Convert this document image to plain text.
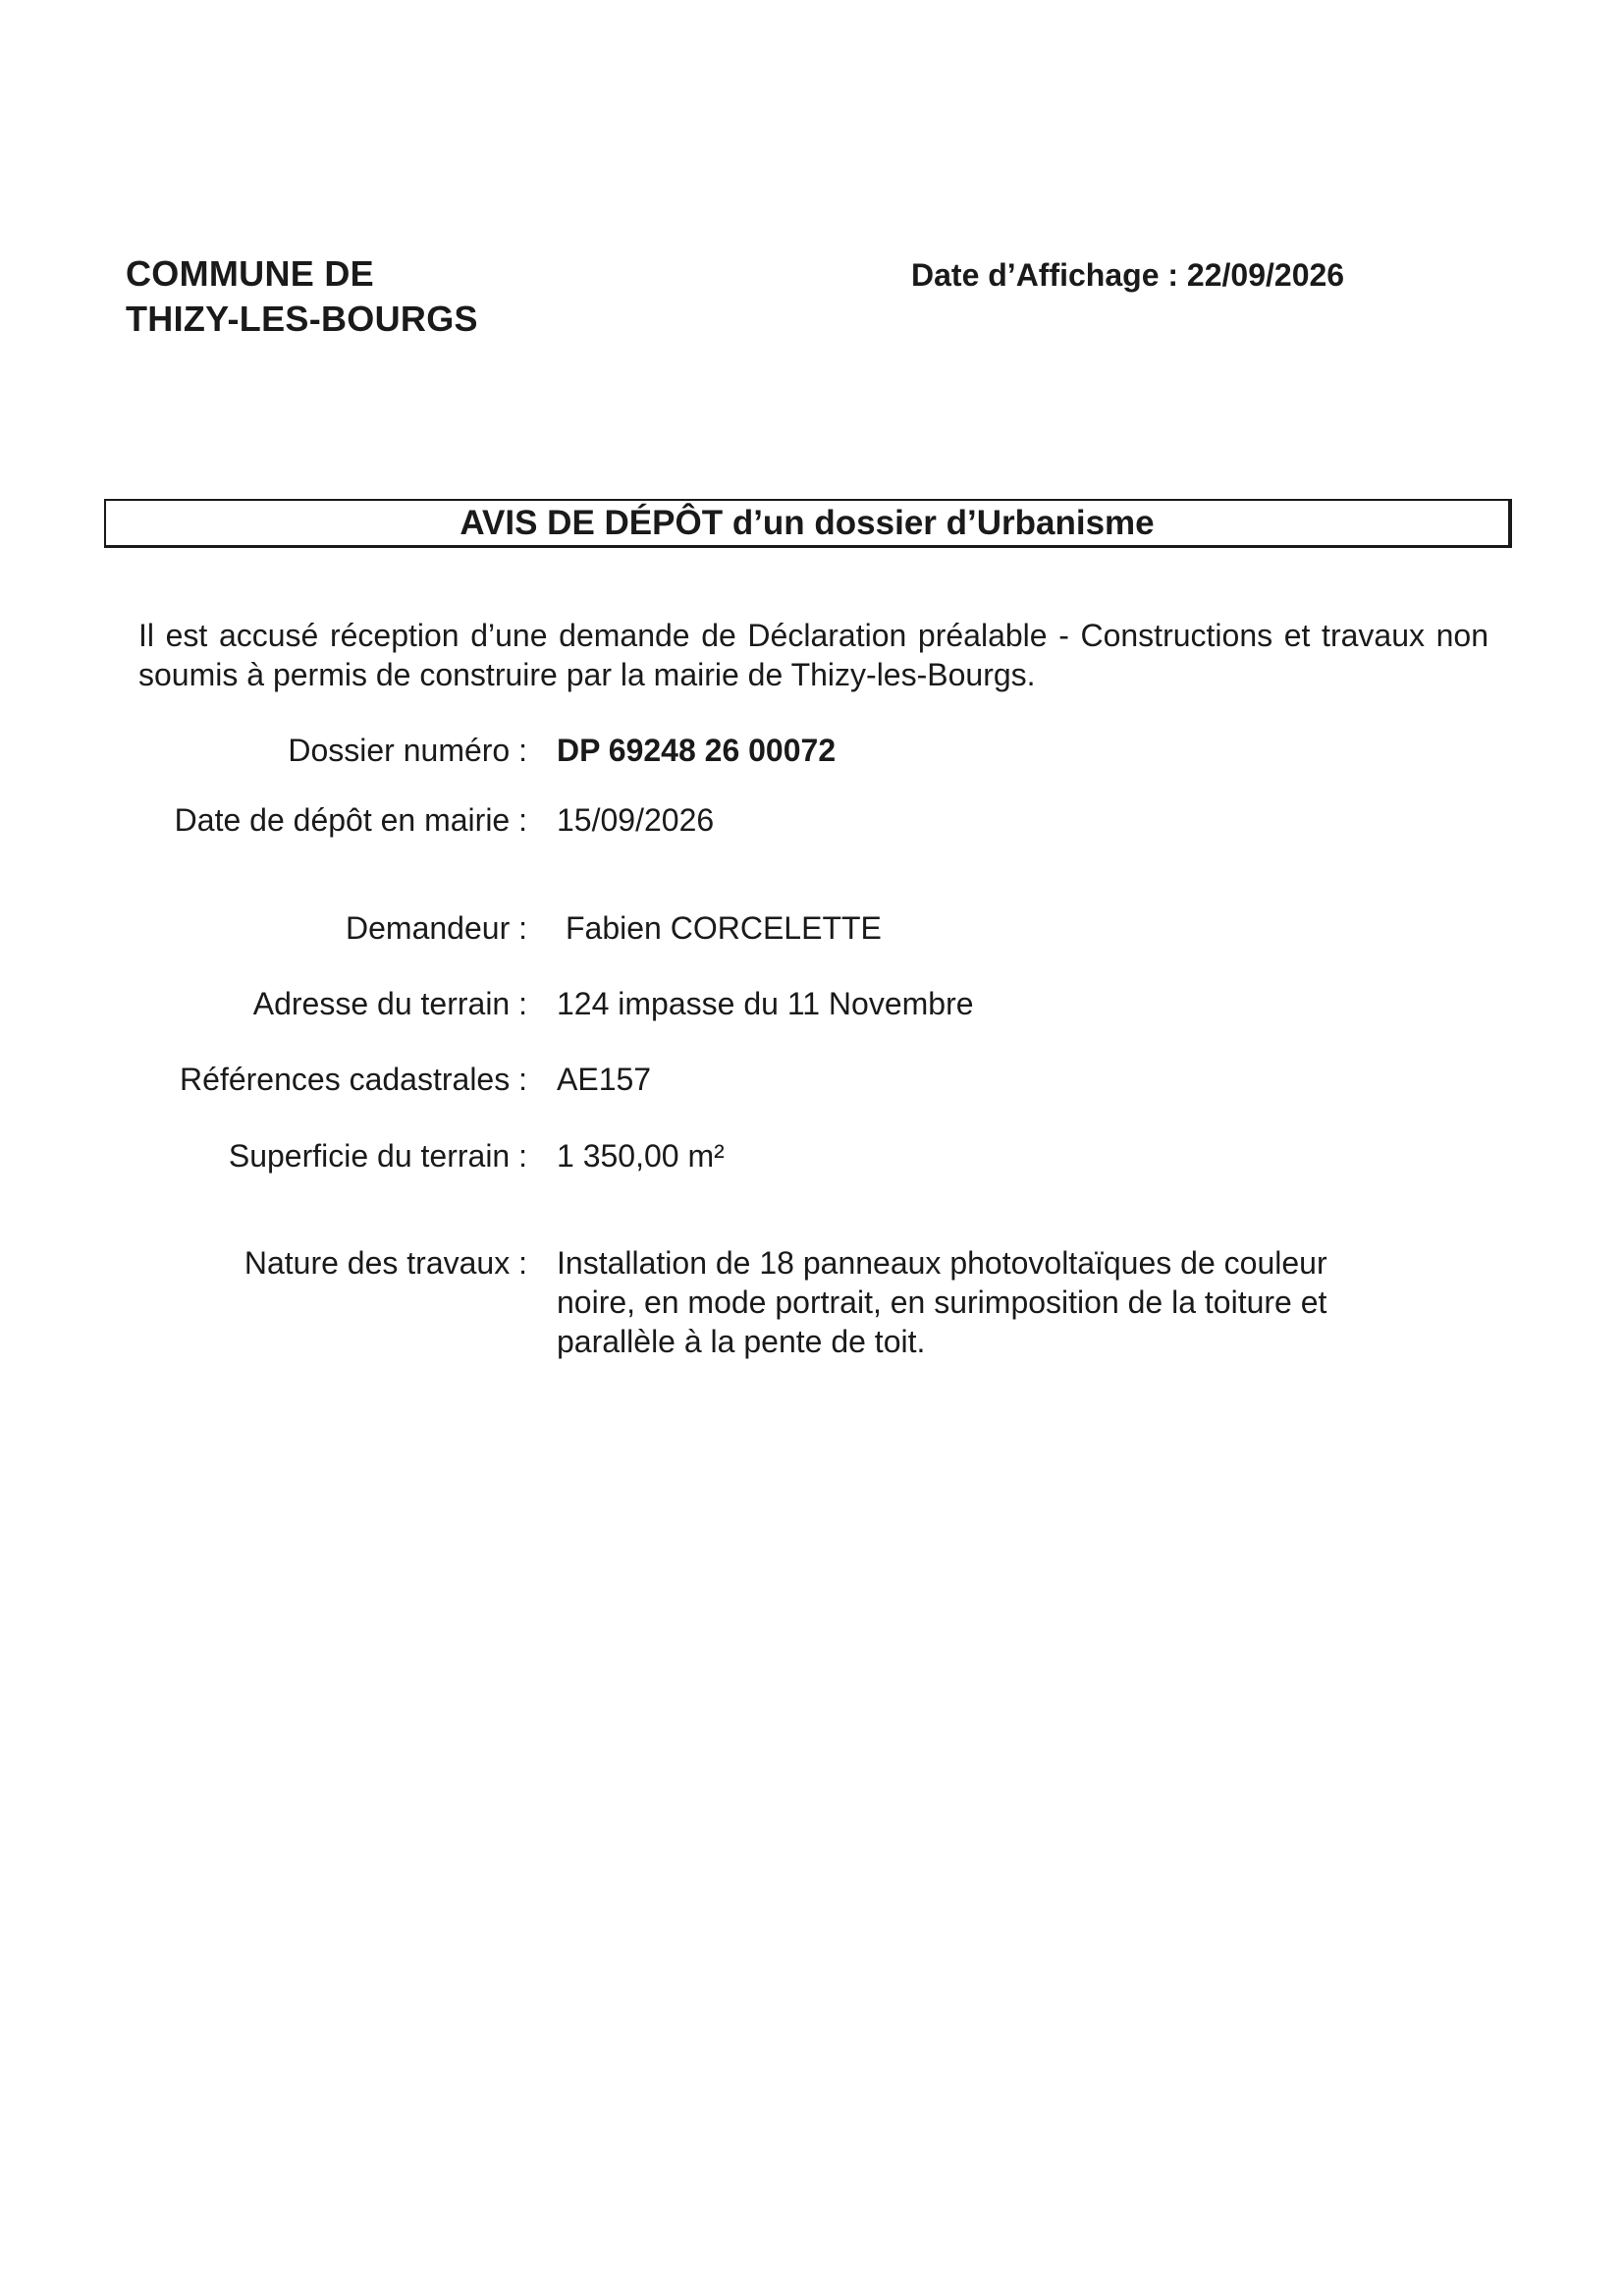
COMMUNE DE
THIZY-LES-BOURGS
Date d’Affichage : 22/09/2026
AVIS DE DÉPÔT d’un dossier d’Urbanisme
Il est accusé réception d’une demande de Déclaration préalable - Constructions et travaux non soumis à permis de construire par la mairie de Thizy-les-Bourgs.
Dossier numéro : DP 69248 26 00072
Date de dépôt en mairie : 15/09/2026
Demandeur : Fabien CORCELETTE
Adresse du terrain : 124 impasse du 11 Novembre
Références cadastrales : AE157
Superficie du terrain : 1 350,00 m²
Nature des travaux : Installation de 18 panneaux photovoltaïques de couleur
noire, en mode portrait, en surimposition de la toiture et
parallèle à la pente de toit.
